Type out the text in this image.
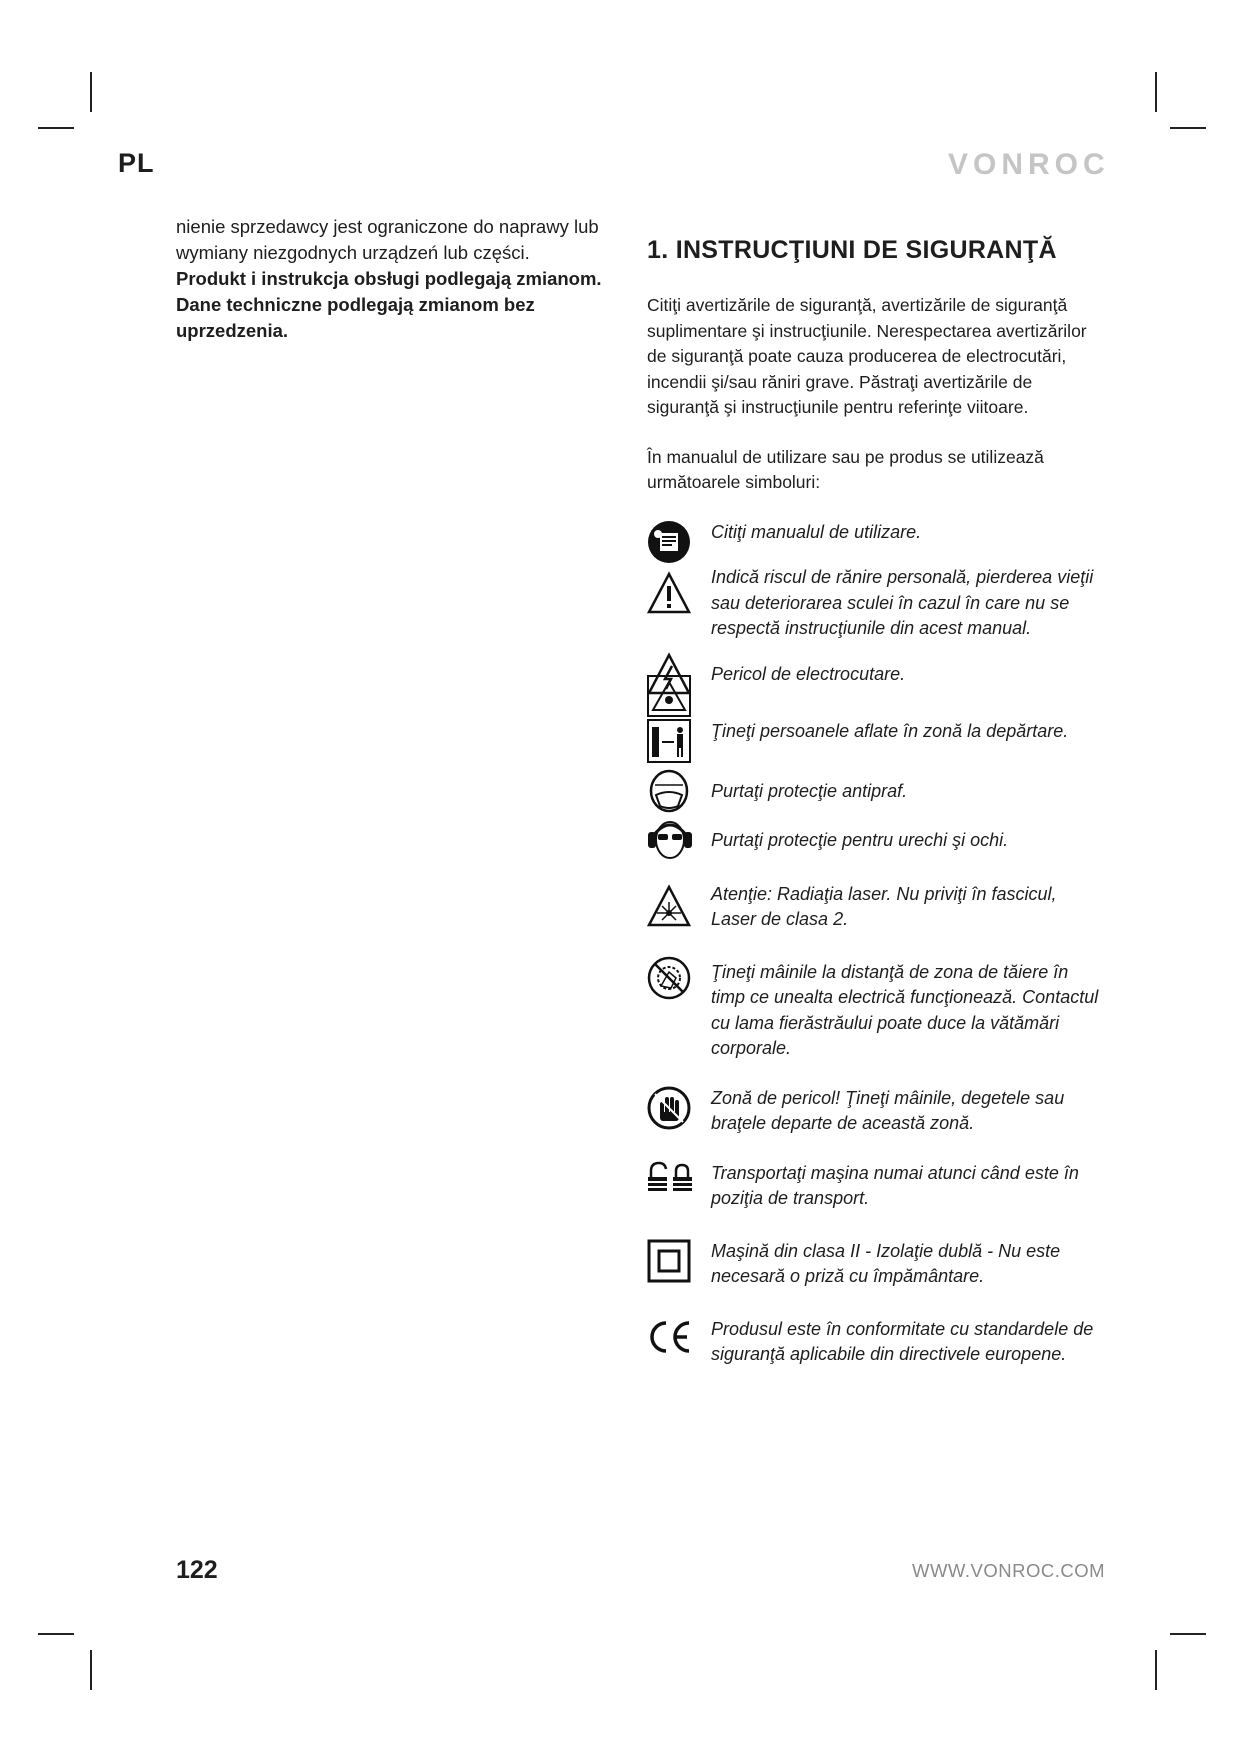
PL	VONROC

nienie sprzedawcy jest ograniczone do naprawy lub wymiany niezgodnych urządzeń lub części.

Produkt i instrukcja obsługi podlegają zmianom. Dane techniczne podlegają zmianom bez uprzedzenia.

1. INSTRUCŢIUNI DE SIGURANŢĂ

Citiţi avertizările de siguranţă, avertizările de siguranţă suplimentare şi instrucţiunile. Nerespectarea avertizărilor de siguranţă poate cauza producerea de electrocutări, incendii şi/sau răniri grave. Păstraţi avertizările de siguranţă şi instrucţiunile pentru referinţe viitoare.

În manualul de utilizare sau pe produs se utilizează următoarele simboluri:

Citiţi manualul de utilizare.
Indică riscul de rănire personală, pierderea vieţii sau deteriorarea sculei în cazul în care nu se respectă instrucţiunile din acest manual.
Pericol de electrocutare.
Ţineţi persoanele aflate în zonă la depărtare.
Purtaţi protecţie antipraf.
Purtaţi protecţie pentru urechi şi ochi.
Atenţie: Radiaţia laser. Nu priviţi în fascicul, Laser de clasa 2.
Ţineţi mâinile la distanţă de zona de tăiere în timp ce unealta electrică funcţionează. Contactul cu lama fierăstrăului poate duce la vătămări corporale.
Zonă de pericol! Ţineţi mâinile, degetele sau braţele departe de această zonă.
Transportaţi maşina numai atunci când este în poziţia de transport.
Maşină din clasa II - Izolaţie dublă - Nu este necesară o priză cu împământare.
Produsul este în conformitate cu standardele de siguranţă aplicabile din directivele europene.
122	WWW.VONROC.COM
